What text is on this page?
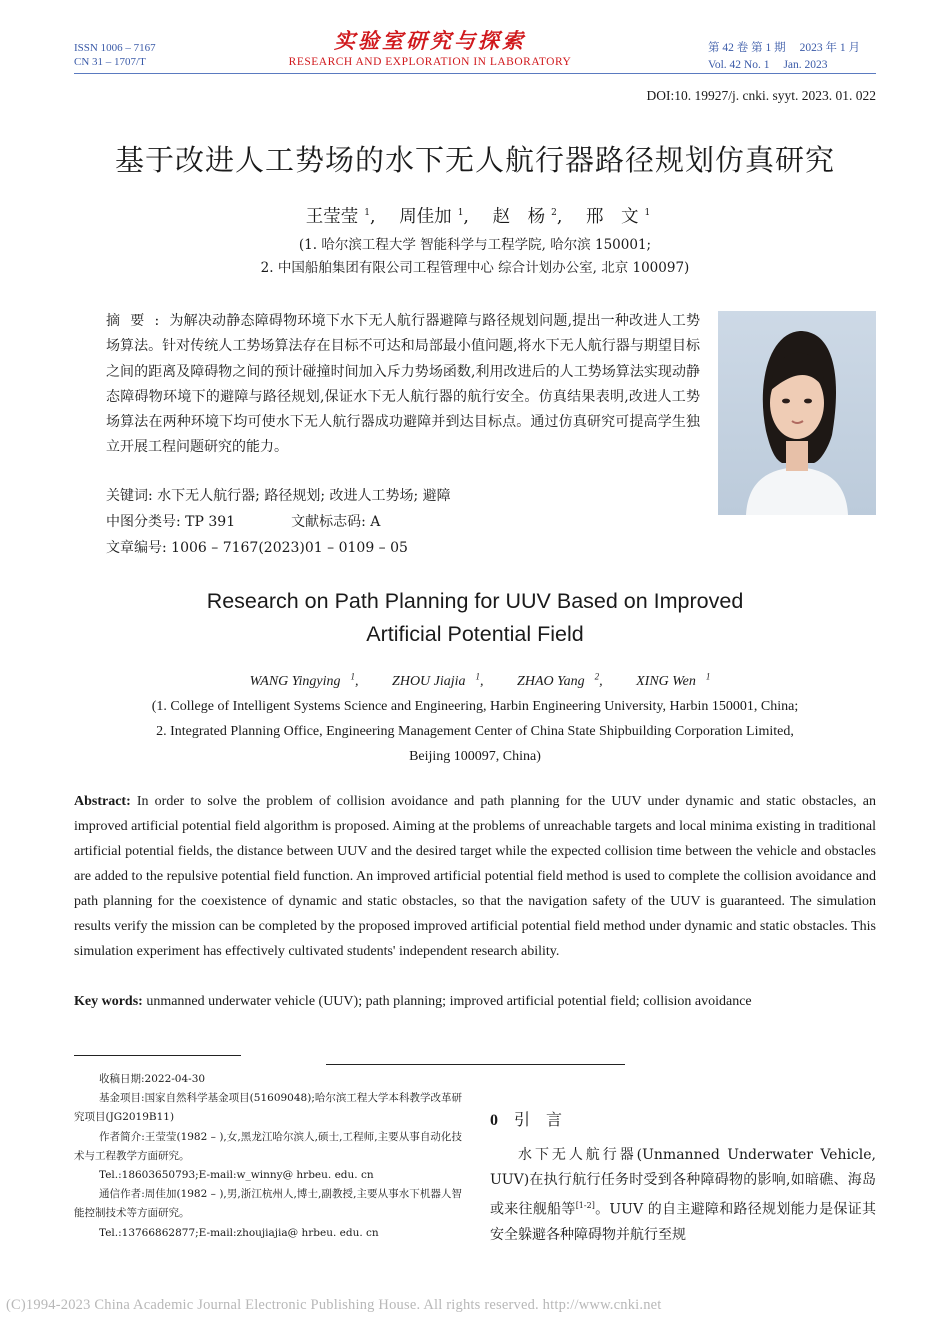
ISSN 1006 – 7167
CN 31 – 1707/T
实验室研究与探索
RESEARCH AND EXPLORATION IN LABORATORY
第 42 卷 第 1 期 2023 年 1 月
Vol. 42 No. 1 Jan. 2023
DOI:10. 19927/j. cnki. syyt. 2023. 01. 022
基于改进人工势场的水下无人航行器路径规划仿真研究
王莹莹 $^1$, 周佳加 $^1$, 赵　杨 $^2$, 邢　文 $^1$
(1. 哈尔滨工程大学 智能科学与工程学院, 哈尔滨 150001;
2. 中国船舶集团有限公司工程管理中心 综合计划办公室, 北京 100097)
摘要:为解决动静态障碍物环境下水下无人航行器避障与路径规划问题,提出一种改进人工势场算法。针对传统人工势场算法存在目标不可达和局部最小值问题,将水下无人航行器与期望目标之间的距离及障碍物之间的预计碰撞时间加入斥力势场函数,利用改进后的人工势场算法实现动静态障碍物环境下的避障与路径规划,保证水下无人航行器的航行安全。仿真结果表明,改进人工势场算法在两种环境下均可使水下无人航行器成功避障并到达目标点。通过仿真研究可提高学生独立开展工程问题研究的能力。
关键词: 水下无人航行器; 路径规划; 改进人工势场; 避障
中图分类号: TP 391	文献标志码: A
文章编号: 1006 – 7167(2023)01 – 0109 – 05
Research on Path Planning for UUV Based on Improved
Artificial Potential Field
WANG Yingying $^1$, ZHOU Jiajia $^1$, ZHAO Yang $^2$, XING Wen $^1$
(1. College of Intelligent Systems Science and Engineering, Harbin Engineering University, Harbin 150001, China;
2. Integrated Planning Office, Engineering Management Center of China State Shipbuilding Corporation Limited,
Beijing 100097, China)
Abstract: In order to solve the problem of collision avoidance and path planning for the UUV under dynamic and static obstacles, an improved artificial potential field algorithm is proposed. Aiming at the problems of unreachable targets and local minima existing in traditional artificial potential fields, the distance between UUV and the desired target while the expected collision time between the vehicle and obstacles are added to the repulsive potential field function. An improved artificial potential field method is used to complete the collision avoidance and path planning for the coexistence of dynamic and static obstacles, so that the navigation safety of the UUV is guaranteed. The simulation results verify the mission can be completed by the proposed improved artificial potential field method under dynamic and static obstacles. This simulation experiment has effectively cultivated students' independent research ability.
Key words: unmanned underwater vehicle (UUV); path planning; improved artificial potential field; collision avoidance

收稿日期:2022-04-30

基金项目:国家自然科学基金项目(51609048);哈尔滨工程大学本科教学改革研究项目(JG2019B11)

作者简介:王莹莹(1982 – ),女,黑龙江哈尔滨人,硕士,工程师,主要从事自动化技术与工程教学方面研究。

Tel.:18603650793;E-mail:w_winny@ hrbeu. edu. cn

通信作者:周佳加(1982 – ),男,浙江杭州人,博士,副教授,主要从事水下机器人智能控制技术等方面研究。

Tel.:13766862877;E-mail:zhoujiajia@ hrbeu. edu. cn

0 引言

水下无人航行器(Unmanned Underwater Vehicle, UUV)在执行航行任务时受到各种障碍物的影响,如暗礁、海岛或来往舰船等[1-2]。UUV 的自主避障和路径规划能力是保证其安全躲避各种障碍物并航行至规

(C)1994-2023 China Academic Journal Electronic Publishing House. All rights reserved. http://www.cnki.net
